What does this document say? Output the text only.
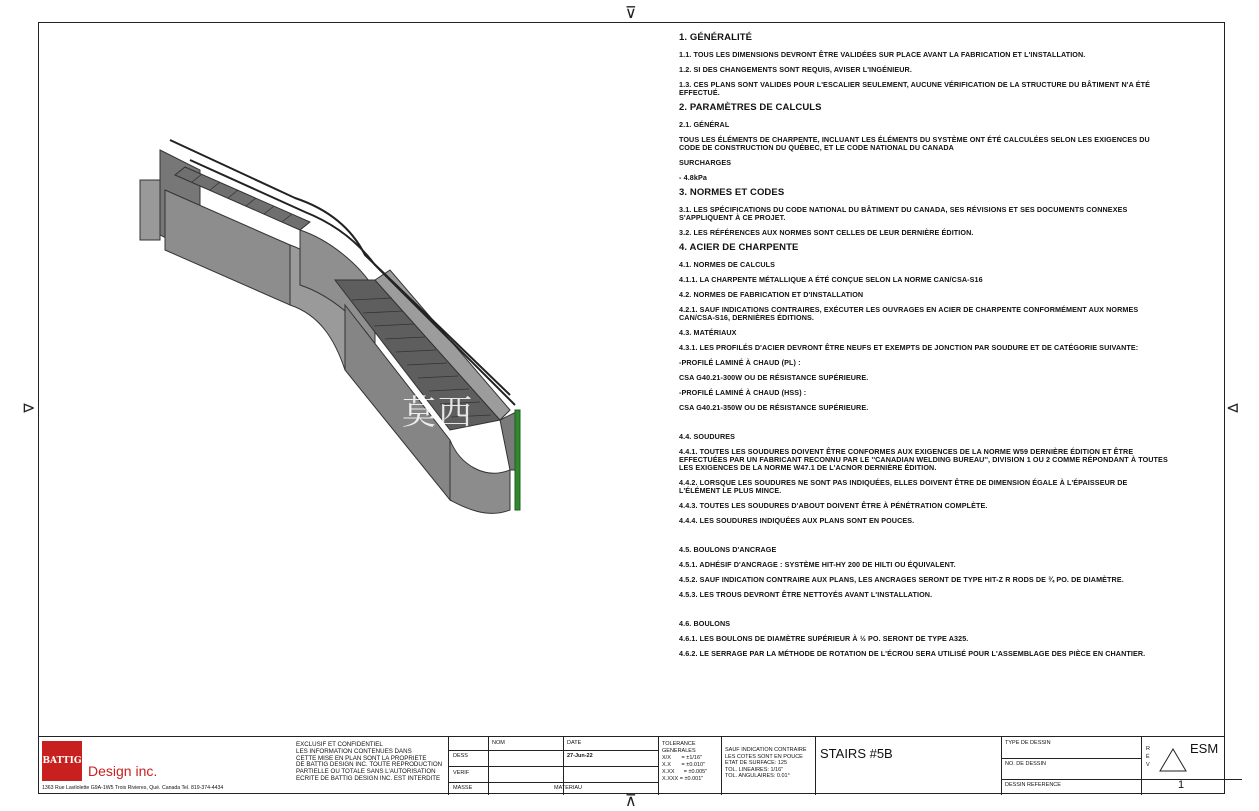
⊽
⊼
⊳	⊲
莫西
1. GÉNÉRALITÉ
1.1. TOUS LES DIMENSIONS DEVRONT ÊTRE VALIDÉES SUR PLACE AVANT LA FABRICATION ET L'INSTALLATION.
1.2. SI DES CHANGEMENTS SONT REQUIS, AVISER L'INGÉNIEUR.
1.3. CES PLANS SONT VALIDES POUR L'ESCALIER SEULEMENT, AUCUNE VÉRIFICATION DE LA STRUCTURE DU BÂTIMENT N'A ÉTÉ EFFECTUÉ.
2. PARAMÈTRES DE CALCULS
2.1. GÉNÉRAL
TOUS LES ÉLÉMENTS DE CHARPENTE, INCLUANT LES ÉLÉMENTS DU SYSTÈME ONT ÉTÉ CALCULÉES SELON LES EXIGENCES DU CODE DE CONSTRUCTION DU QUÉBEC, ET LE CODE NATIONAL DU CANADA
SURCHARGES
- 4.8kPa
3. NORMES ET CODES
3.1. LES SPÉCIFICATIONS DU CODE NATIONAL DU BÂTIMENT DU CANADA, SES RÉVISIONS ET SES DOCUMENTS CONNEXES S'APPLIQUENT À CE PROJET.
3.2. LES RÉFÉRENCES AUX NORMES SONT CELLES DE LEUR DERNIÈRE ÉDITION.
4. ACIER DE CHARPENTE
4.1. NORMES DE CALCULS
4.1.1. LA CHARPENTE MÉTALLIQUE A ÉTÉ CONÇUE SELON LA NORME CAN/CSA-S16
4.2. NORMES DE FABRICATION ET D'INSTALLATION
4.2.1. SAUF INDICATIONS CONTRAIRES, EXÉCUTER LES OUVRAGES EN ACIER DE CHARPENTE CONFORMÉMENT AUX NORMES CAN/CSA-S16, DERNIÈRES ÉDITIONS.
4.3. MATÉRIAUX
4.3.1. LES PROFILÉS D'ACIER DEVRONT ÊTRE NEUFS ET EXEMPTS DE JONCTION PAR SOUDURE ET DE CATÉGORIE SUIVANTE:
-PROFILÉ LAMINÉ À CHAUD (PL) :
CSA G40.21-300W OU DE RÉSISTANCE SUPÉRIEURE.
-PROFILÉ LAMINÉ À CHAUD (HSS) :
CSA G40.21-350W OU DE RÉSISTANCE SUPÉRIEURE.
4.4. SOUDURES
4.4.1. TOUTES LES SOUDURES DOIVENT ÊTRE CONFORMES AUX EXIGENCES DE LA NORME W59 DERNIÈRE ÉDITION ET ÊTRE EFFECTUÉES PAR UN FABRICANT RECONNU PAR LE ''CANADIAN WELDING BUREAU'', DIVISION 1 OU 2 COMME RÉPONDANT À TOUTES LES EXIGENCES DE LA NORME W47.1 DE L'ACNOR DERNIÈRE ÉDITION.
4.4.2. LORSQUE LES SOUDURES NE SONT PAS INDIQUÉES, ELLES DOIVENT ÊTRE DE DIMENSION ÉGALE À L'ÉPAISSEUR DE L'ÉLÉMENT LE PLUS MINCE.
4.4.3. TOUTES LES SOUDURES D'ABOUT DOIVENT ÊTRE À PÉNÉTRATION COMPLÈTE.
4.4.4. LES SOUDURES INDIQUÉES AUX PLANS SONT EN POUCES.
4.5. BOULONS D'ANCRAGE
4.5.1. ADHÉSIF D'ANCRAGE : SYSTÈME HIT-HY 200 DE HILTI OU ÉQUIVALENT.
4.5.2. SAUF INDICATION CONTRAIRE AUX PLANS, LES ANCRAGES SERONT DE TYPE HIT-Z R RODS DE ¾ PO. DE DIAMÈTRE.
4.5.3. LES TROUS DEVRONT ÊTRE NETTOYÉS AVANT L'INSTALLATION.
4.6. BOULONS
4.6.1. LES BOULONS DE DIAMÈTRE SUPÉRIEUR À ½ PO. SERONT DE TYPE A325.
4.6.2. LE SERRAGE PAR LA MÉTHODE DE ROTATION DE L'ÉCROU SERA UTILISÉ POUR L'ASSEMBLAGE DES PIÈCE EN CHANTIER.
BATTIG
Design inc.
1363 Rue Lavilolette G9A-1W5 Trois Rivieres, Qué. Canada Tel. 819-374-4434
EXCLUSIF ET CONFIDENTIEL
LES INFORMATION CONTENUES DANS
CETTE MISE EN PLAN SONT LA PROPRIETE
DE BATTIG DESIGN INC. TOUTE REPRODUCTION
PARTIELLE OU TOTALE SANS L'AUTORISATION
ECRITE DE BATTIG DESIGN INC. EST INTERDITE
DESS
VERIF
MASSE
NOM	DATE
27-Jun-22
MATERIAU
TOLERANCE
GENERALES
X/X       = ±1/16"
X.X       = ±0.010"
X.XX      = ±0.005"
X.XXX = ±0.001"
SAUF INDICATION CONTRAIRE
LES COTES SONT EN POUCE
ETAT DE SURFACE: 125
TOL. LINEAIRES: 1/16"
TOL. ANGULAIRES: 0.01°
STAIRS #5B
TYPE DE DESSIN
NO. DE DESSIN
DESSIN REFERENCE
RÉV
ESM
1
